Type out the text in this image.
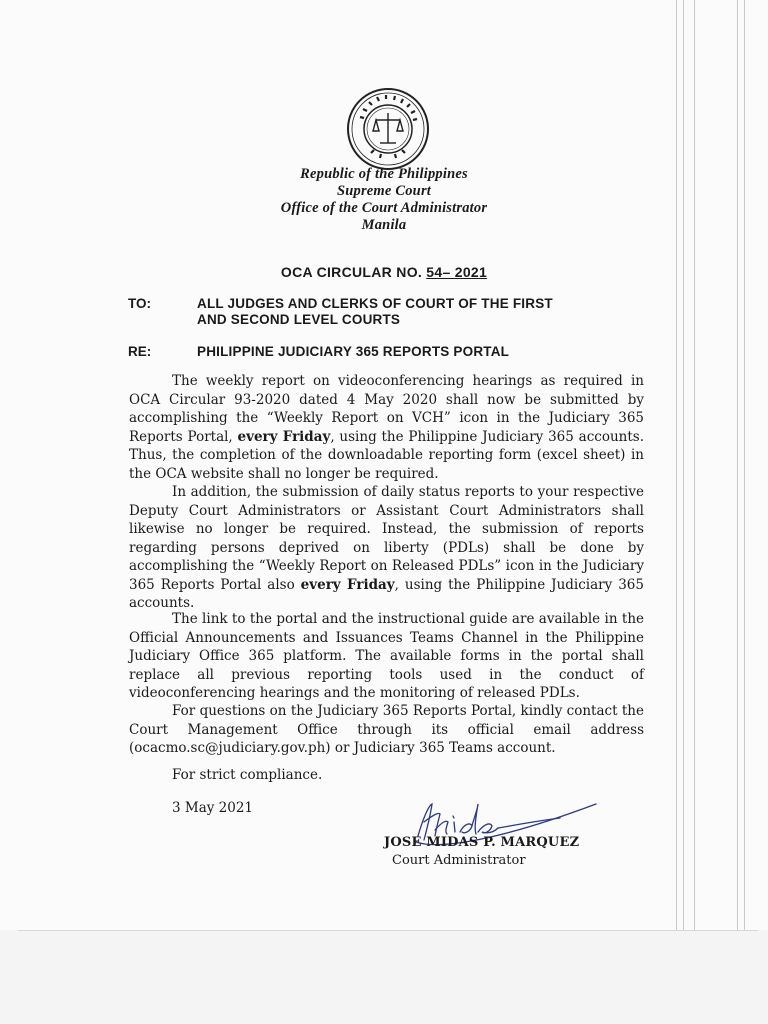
Republic of the Philippines
Supreme Court
Office of the Court Administrator
Manila
OCA CIRCULAR NO. 54– 2021
TO:	ALL JUDGES AND CLERKS OF COURT OF THE FIRST
AND SECOND LEVEL COURTS
RE:	PHILIPPINE JUDICIARY 365 REPORTS PORTAL

The weekly report on videoconferencing hearings as required in OCA Circular 93-2020 dated 4 May 2020 shall now be submitted by accomplishing the “Weekly Report on VCH” icon in the Judiciary 365 Reports Portal, every Friday, using the Philippine Judiciary 365 accounts. Thus, the completion of the downloadable reporting form (excel sheet) in the OCA website shall no longer be required.

In addition, the submission of daily status reports to your respective Deputy Court Administrators or Assistant Court Administrators shall likewise no longer be required. Instead, the submission of reports regarding persons deprived on liberty (PDLs) shall be done by accomplishing the “Weekly Report on Released PDLs” icon in the Judiciary 365 Reports Portal also every Friday, using the Philippine Judiciary 365 accounts.

The link to the portal and the instructional guide are available in the Official Announcements and Issuances Teams Channel in the Philippine Judiciary Office 365 platform. The available forms in the portal shall replace all previous reporting tools used in the conduct of videoconferencing hearings and the monitoring of released PDLs.

For questions on the Judiciary 365 Reports Portal, kindly contact the Court Management Office through its official email address (ocacmo.sc@judiciary.gov.ph) or Judiciary 365 Teams account.

For strict compliance.
3 May 2021
JOSE MIDAS P. MARQUEZ
Court Administrator
